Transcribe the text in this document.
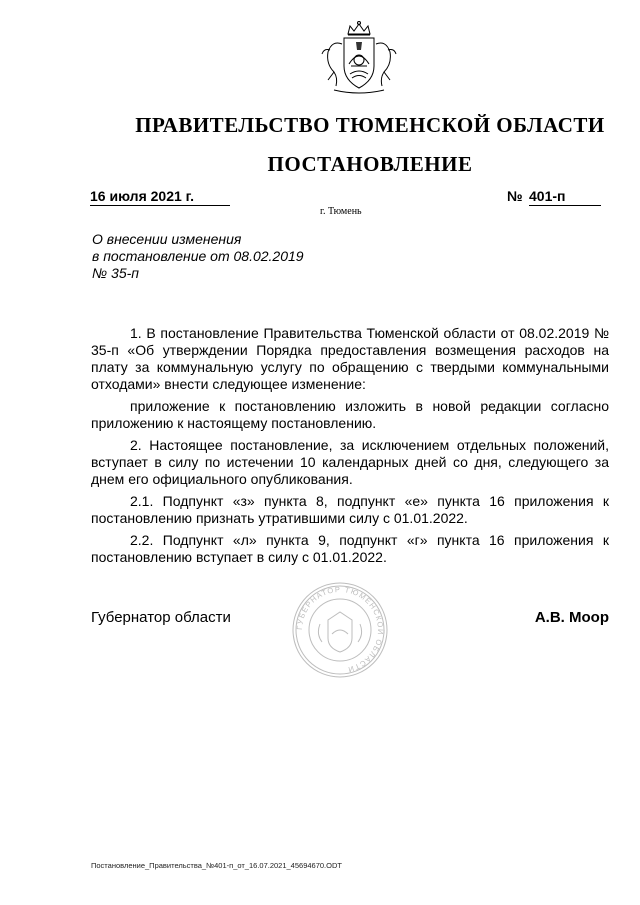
ПРАВИТЕЛЬСТВО ТЮМЕНСКОЙ ОБЛАСТИ
ПОСТАНОВЛЕНИЕ
16 июля 2021 г.	№ 401-п
г. Тюмень
О внесении изменения
в постановление от 08.02.2019
№ 35-п

1. В постановление Правительства Тюменской области от 08.02.2019 № 35-п «Об утверждении Порядка предоставления возмещения расходов на плату за коммунальную услугу по обращению с твердыми коммунальными отходами» внести следующее изменение:

приложение к постановлению изложить в новой редакции согласно приложению к настоящему постановлению.

2. Настоящее постановление, за исключением отдельных положений, вступает в силу по истечении 10 календарных дней со дня, следующего за днем его официального опубликования.

2.1. Подпункт «з» пункта 8, подпункт «е» пункта 16 приложения к постановлению признать утратившими силу с 01.01.2022.

2.2. Подпункт «л» пункта 9, подпункт «г» пункта 16 приложения к постановлению вступает в силу с 01.01.2022.

ГУБЕРНАТОР ТЮМЕНСКОЙ ОБЛАСТИ
Губернатор области	А.В. Моор
Постановление_Правительства_№401-п_от_16.07.2021_45694670.ODT
